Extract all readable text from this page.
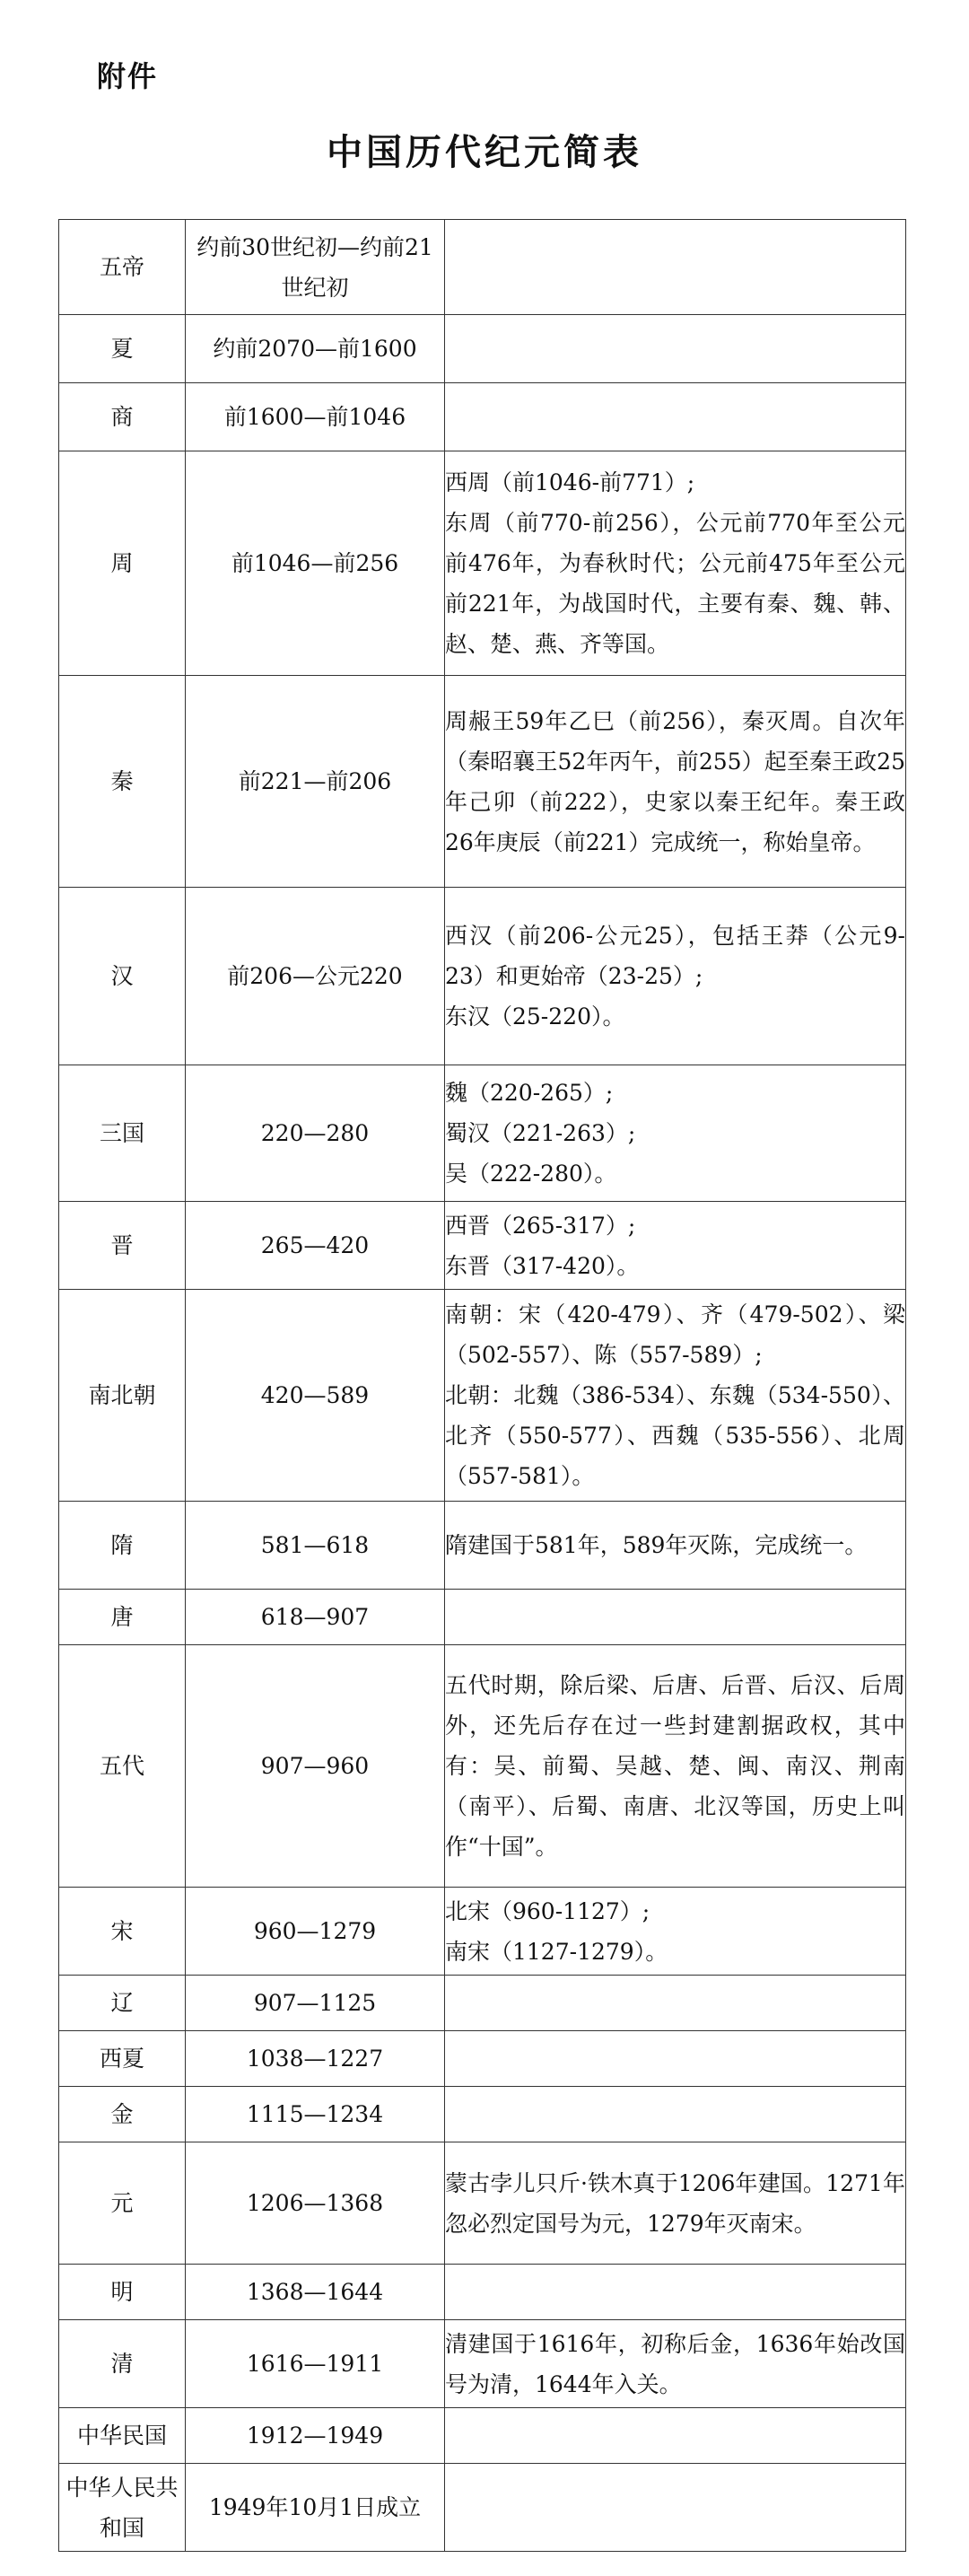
附件
中国历代纪元简表
五帝	约前30世纪初—约前21世纪初	
夏	约前2070—前1600	
商	前1600—前1046	
周	前1046—前256	西周（前1046-前771）;
东周（前770-前256），公元前770年至公元前476年，为春秋时代；公元前475年至公元前221年，为战国时代，主要有秦、魏、韩、赵、楚、燕、齐等国。

秦	前221—前206	周赧王59年乙巳（前256），秦灭周。自次年（秦昭襄王52年丙午，前255）起至秦王政25年己卯（前222），史家以秦王纪年。秦王政26年庚辰（前221）完成统一，称始皇帝。

汉	前206—公元220	西汉（前206-公元25），包括王莽（公元9-23）和更始帝（23-25）;
东汉（25-220）。

三国	220—280	魏（220-265）;
蜀汉（221-263）;
吴（222-280）。

晋	265—420	西晋（265-317）;
东晋（317-420）。

南北朝	420—589	南朝：宋（420-479）、齐（479-502）、梁（502-557）、陈（557-589）;
北朝：北魏（386-534）、东魏（534-550）、北齐（550-577）、西魏（535-556）、北周（557-581）。

隋	581—618	隋建国于581年，589年灭陈，完成统一。

唐	618—907	
五代	907—960	五代时期，除后梁、后唐、后晋、后汉、后周外，还先后存在过一些封建割据政权，其中有：吴、前蜀、吴越、楚、闽、南汉、荆南（南平）、后蜀、南唐、北汉等国，历史上叫作“十国”。

宋	960—1279	北宋（960-1127）;
南宋（1127-1279）。

辽	907—1125	
西夏	1038—1227	
金	1115—1234	
元	1206—1368	蒙古孛儿只斤·铁木真于1206年建国。1271年忽必烈定国号为元，1279年灭南宋。

明	1368—1644	
清	1616—1911	清建国于1616年，初称后金，1636年始改国号为清，1644年入关。

中华民国	1912—1949	
中华人民共和国	1949年10月1日成立	
